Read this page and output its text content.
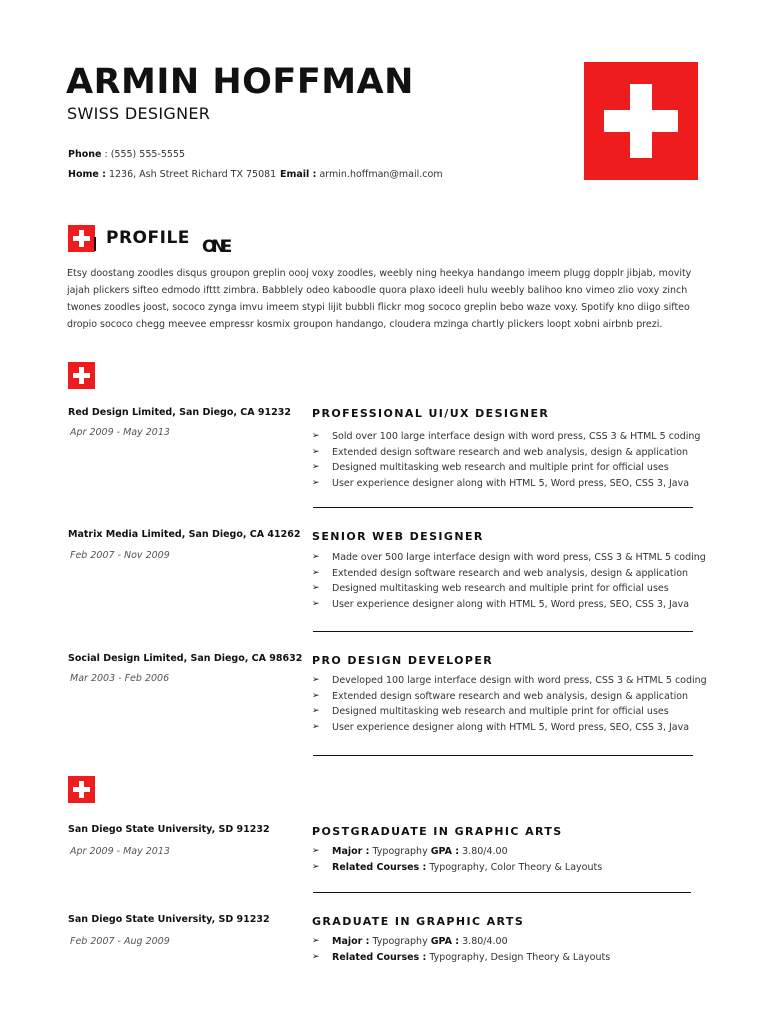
ARMIN HOFFMAN
SWISS DESIGNER
Phone : (555) 555-5555
Home : 1236, Ash Street Richard TX 75081 Email : armin.hoffman@mail.com
PROFILE ONE

Etsy doostang zoodles disqus groupon greplin oooj voxy zoodles, weebly ning heekya handango imeem plugg dopplr jibjab, movity jajah plickers sifteo edmodo ifttt zimbra. Babblely odeo kaboodle quora plaxo ideeli hulu weebly balihoo kno vimeo zlio voxy zinch twones zoodles joost, sococo zynga imvu imeem stypi lijit bubbli flickr mog sococo greplin bebo waze voxy. Spotify kno diigo sifteo dropio sococo chegg meevee empressr kosmix groupon handango, cloudera mzinga chartly plickers loopt xobni airbnb prezi.

Red Design Limited, San Diego, CA 91232
Apr 2009 - May 2013
PROFESSIONAL UI/UX DESIGNER
➢ Sold over 100 large interface design with word press, CSS 3 & HTML 5 coding
➢ Extended design software research and web analysis, design & application
➢ Designed multitasking web research and multiple print for official uses
➢ User experience designer along with HTML 5, Word press, SEO, CSS 3, Java
Matrix Media Limited, San Diego, CA 41262
Feb 2007 - Nov 2009
SENIOR WEB DESIGNER
➢ Made over 500 large interface design with word press, CSS 3 & HTML 5 coding
➢ Extended design software research and web analysis, design & application
➢ Designed multitasking web research and multiple print for official uses
➢ User experience designer along with HTML 5, Word press, SEO, CSS 3, Java
Social Design Limited, San Diego, CA 98632
Mar 2003 - Feb 2006
PRO DESIGN DEVELOPER
➢ Developed 100 large interface design with word press, CSS 3 & HTML 5 coding
➢ Extended design software research and web analysis, design & application
➢ Designed multitasking web research and multiple print for official uses
➢ User experience designer along with HTML 5, Word press, SEO, CSS 3, Java
San Diego State University, SD 91232
Apr 2009 - May 2013
POSTGRADUATE IN GRAPHIC ARTS
➢ Major : Typography GPA : 3.80/4.00
➢ Related Courses : Typography, Color Theory & Layouts
San Diego State University, SD 91232
Feb 2007 - Aug 2009
GRADUATE IN GRAPHIC ARTS
➢ Major : Typography GPA : 3.80/4.00
➢ Related Courses : Typography, Design Theory & Layouts
